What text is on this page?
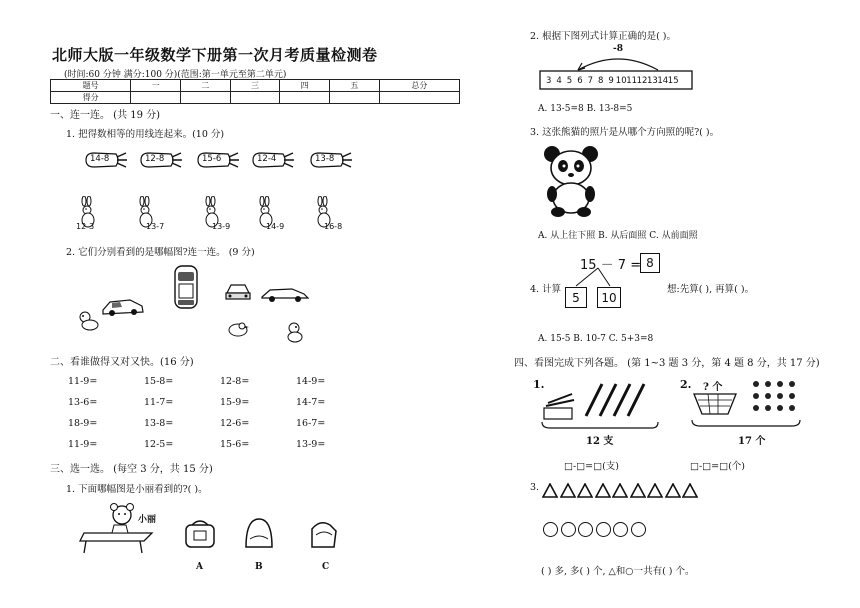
北师大版一年级数学下册第一次月考质量检测卷
(时间:60 分钟 满分:100 分)(范围:第一单元至第二单元)
题号	一	二	三	四	五	总分
得分						
一、连一连。 (共 19 分)
1. 把得数相等的用线连起来。(10 分)
14-8	12-8	15-6	12-4	13-8
12-3	13-7	13-9	14-9	16-8
2. 它们分别看到的是哪幅图?连一连。 (9 分)
二、看谁做得又对又快。(16 分)
11-9=	15-8=	12-8=	14-9=
13-6=	11-7=	15-9=	14-7=
18-9=	13-8=	12-6=	16-7=
11-9=	12-5=	15-6=	13-9=
三、选一选。 (每空 3 分，共 15 分)
1. 下面哪幅图是小丽看到的?( )。
小丽
A	B	C
2. 根据下图列式计算正确的是( )。
-8
3 4 5 6 7 8 9 10 11 12 13 14 15
A. 13-5=8 B. 13-8=5
3. 这张熊猫的照片是从哪个方向照的呢?( )。
A. 从上往下照 B. 从后面照 C. 从前面照
4. 计算
15 － 7 = 8
5	10
想:先算( ), 再算( )。
A. 15-5 B. 10-7 C. 5+3=8
四、看图完成下列各题。 (第 1~3 题 3 分，第 4 题 8 分，共 17 分)
1.
12 支
□-□=□(支)
2. ? 个
17 个
□-□=□(个)
3.
( ) 多, 多( ) 个, △和○一共有( ) 个。
